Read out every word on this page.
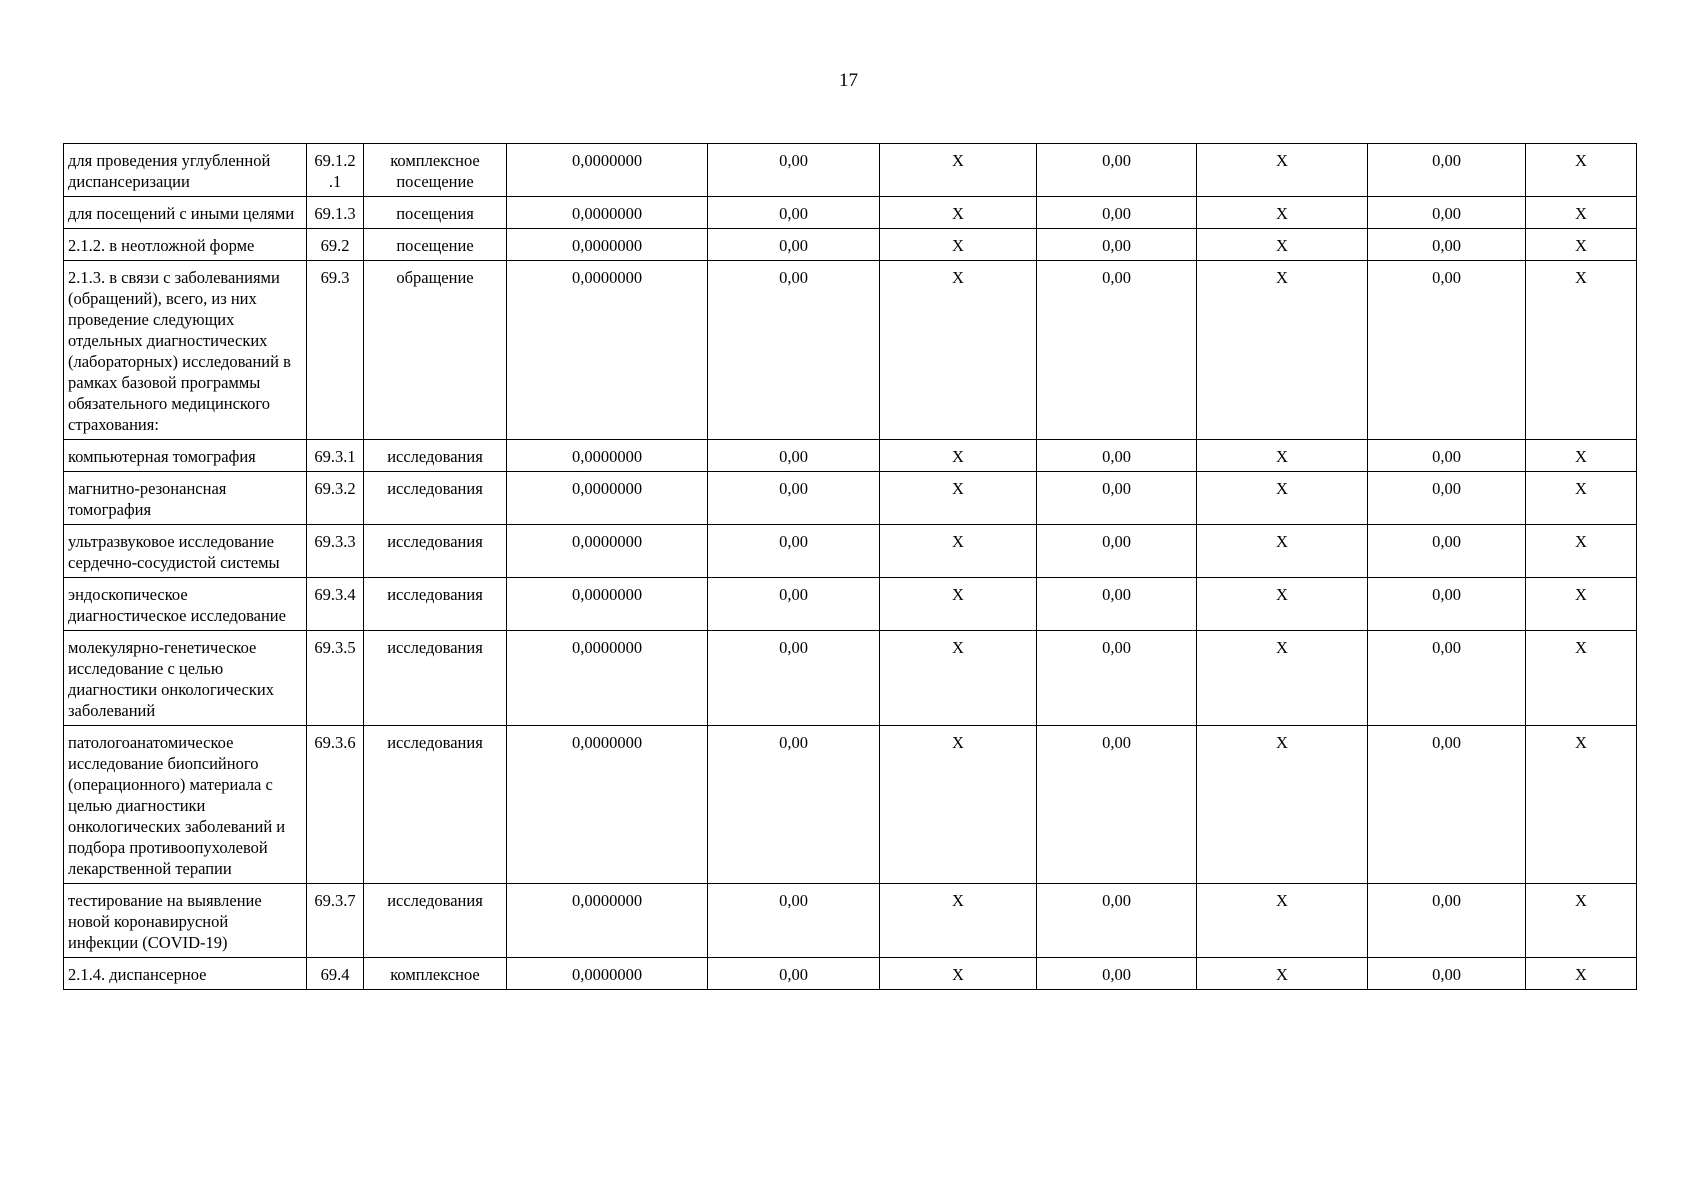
17
для проведения углубленной диспансеризации	69.1.2 .1	комплексное посещение	0,0000000	0,00	X	0,00	X	0,00	X
для посещений с иными целями	69.1.3	посещения	0,0000000	0,00	X	0,00	X	0,00	X
2.1.2. в неотложной форме	69.2	посещение	0,0000000	0,00	X	0,00	X	0,00	X
2.1.3. в связи с заболеваниями (обращений), всего, из них проведение следующих отдельных диагностических (лабораторных) исследований в рамках базовой программы обязательного медицинского страхования:	69.3	обращение	0,0000000	0,00	X	0,00	X	0,00	X
компьютерная томография	69.3.1	исследования	0,0000000	0,00	X	0,00	X	0,00	X
магнитно-резонансная томография	69.3.2	исследования	0,0000000	0,00	X	0,00	X	0,00	X
ультразвуковое исследование сердечно-сосудистой системы	69.3.3	исследования	0,0000000	0,00	X	0,00	X	0,00	X
эндоскопическое диагностическое исследование	69.3.4	исследования	0,0000000	0,00	X	0,00	X	0,00	X
молекулярно-генетическое исследование с целью диагностики онкологических заболеваний	69.3.5	исследования	0,0000000	0,00	X	0,00	X	0,00	X
патологоанатомическое исследование биопсийного (операционного) материала с целью диагностики онкологических заболеваний и подбора противоопухолевой лекарственной терапии	69.3.6	исследования	0,0000000	0,00	X	0,00	X	0,00	X
тестирование на выявление новой коронавирусной инфекции (COVID-19)	69.3.7	исследования	0,0000000	0,00	X	0,00	X	0,00	X
2.1.4. диспансерное	69.4	комплексное	0,0000000	0,00	X	0,00	X	0,00	X
